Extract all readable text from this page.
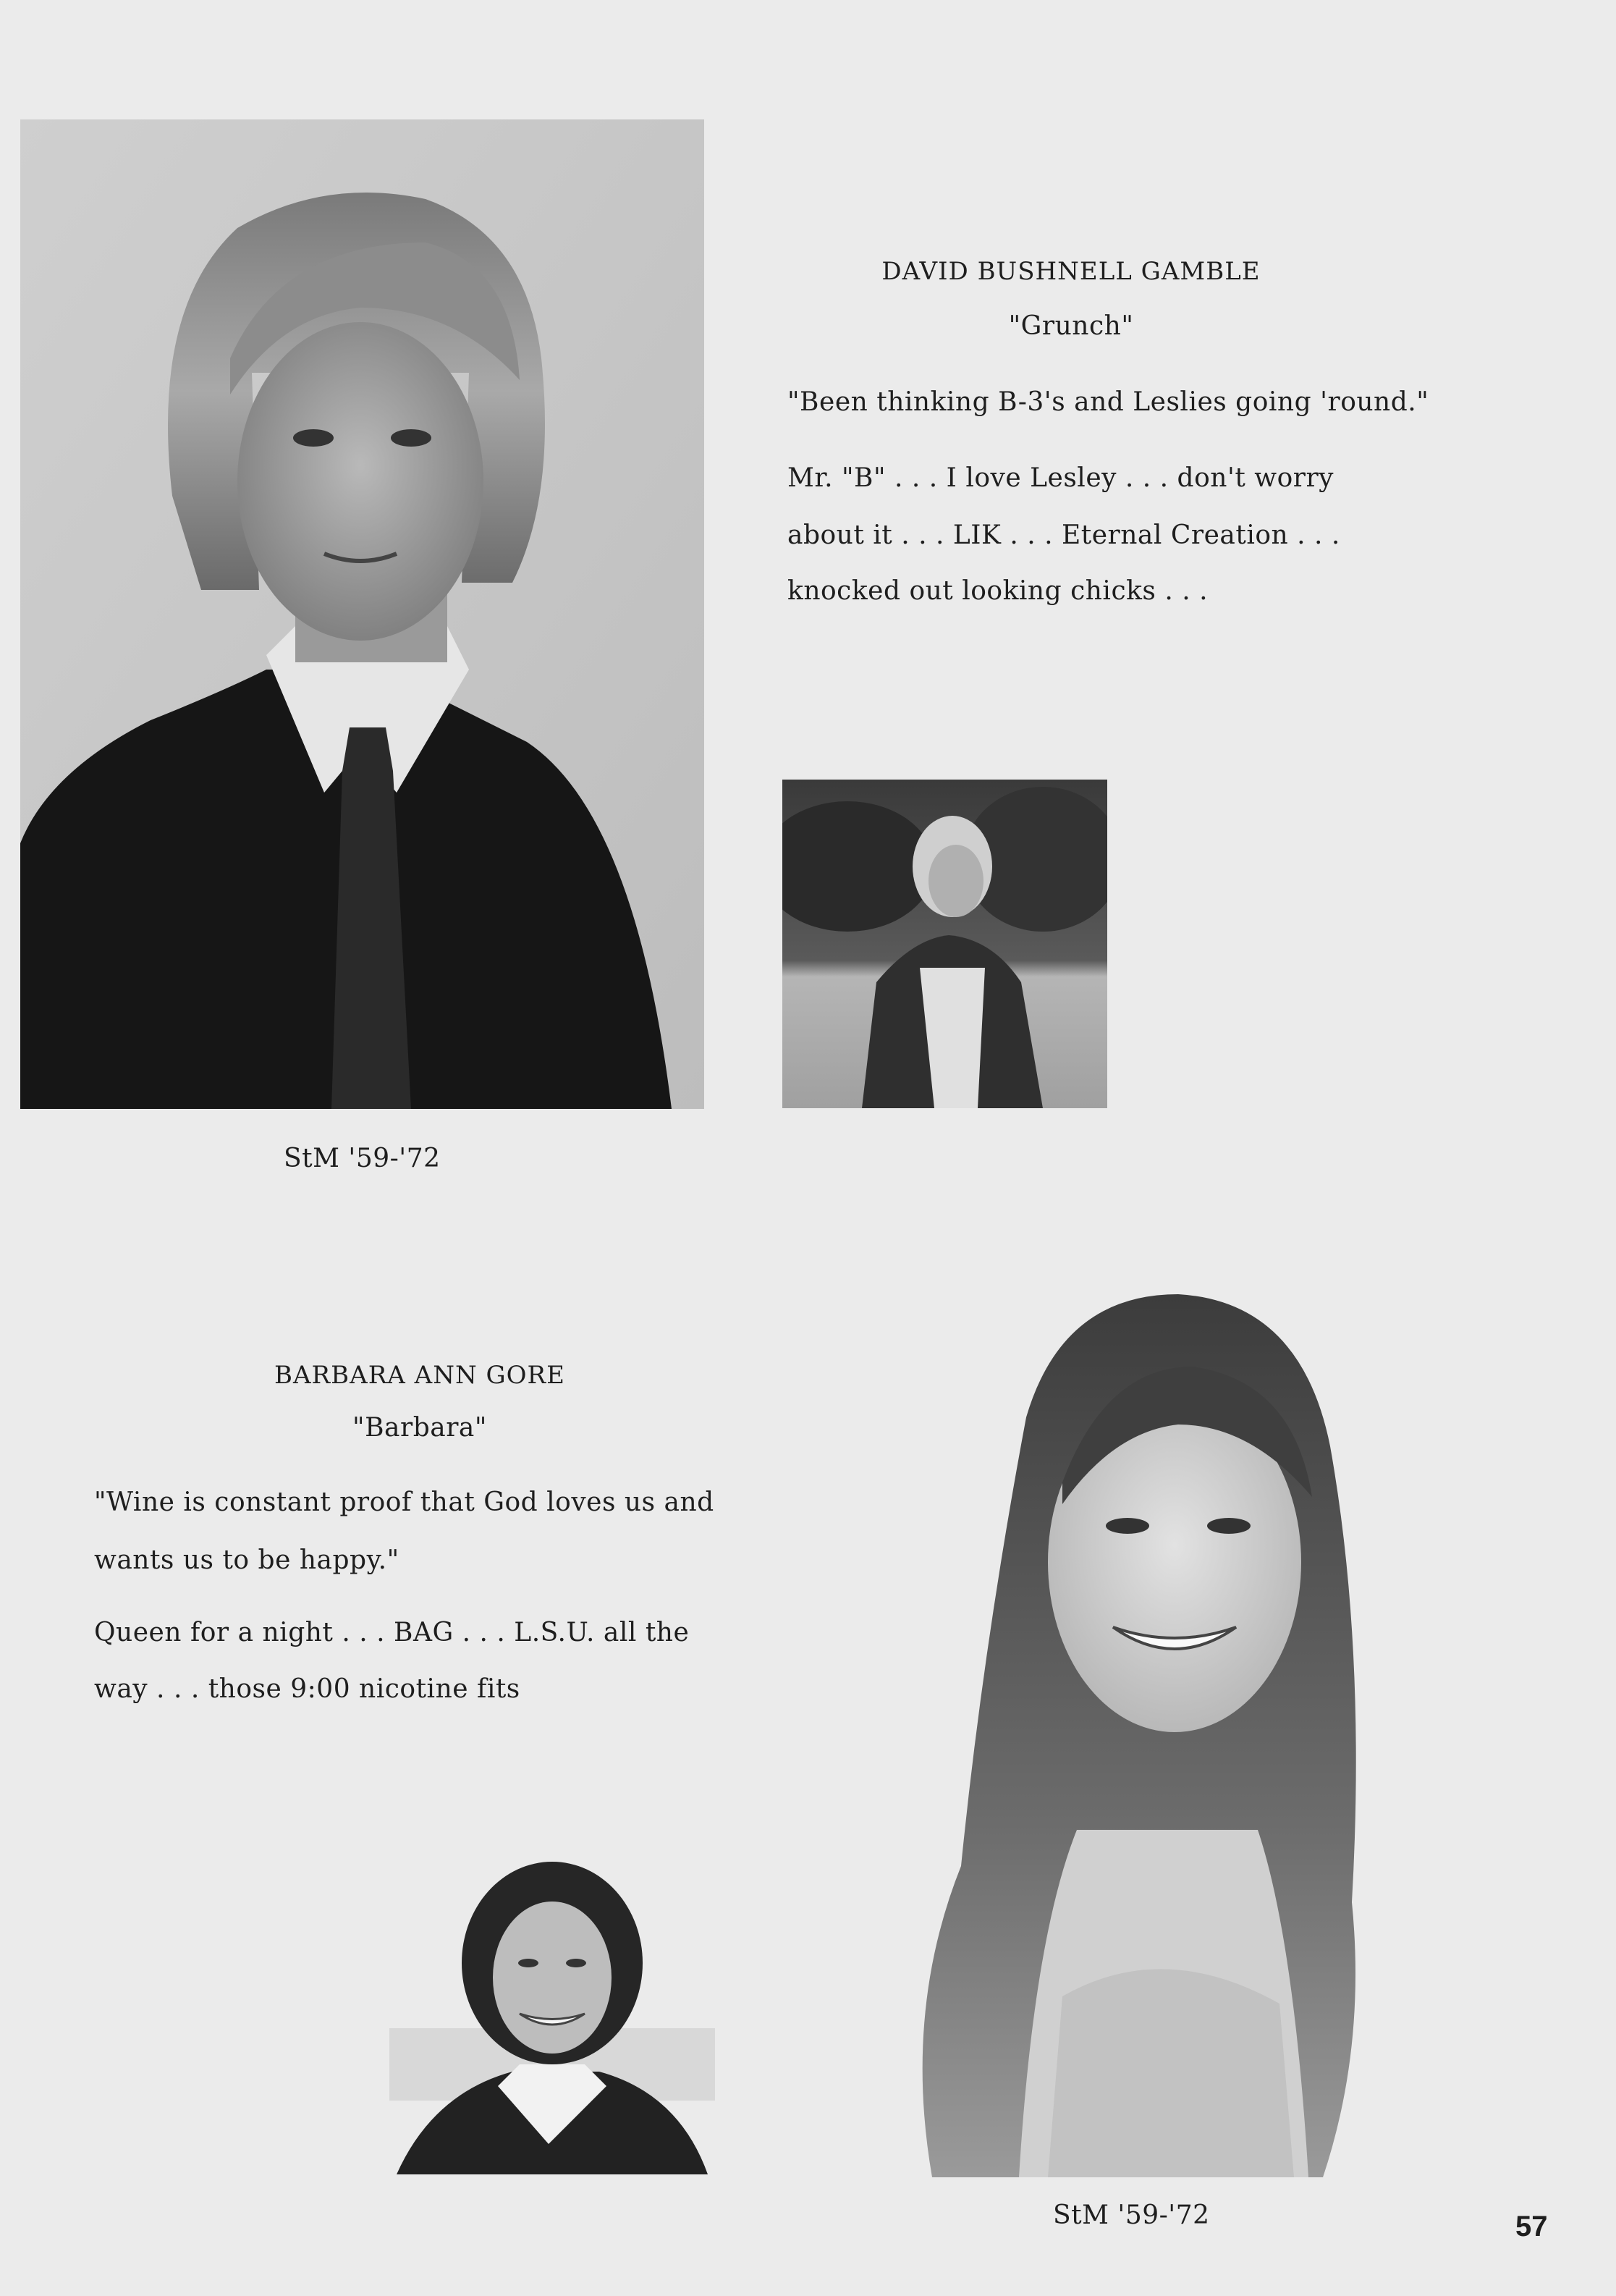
DAVID BUSHNELL GAMBLE
"Grunch"
"Been thinking B-3's and Leslies going 'round."
Mr. "B" . . . I love Lesley . . . don't worry
about it . . . LIK . . . Eternal Creation . . .
knocked out looking chicks . . .
StM '59-'72
BARBARA ANN GORE
"Barbara"
"Wine is constant proof that God loves us and
wants us to be happy."
Queen for a night . . . BAG . . . L.S.U. all the
way . . . those 9:00 nicotine fits
StM '59-'72	57
